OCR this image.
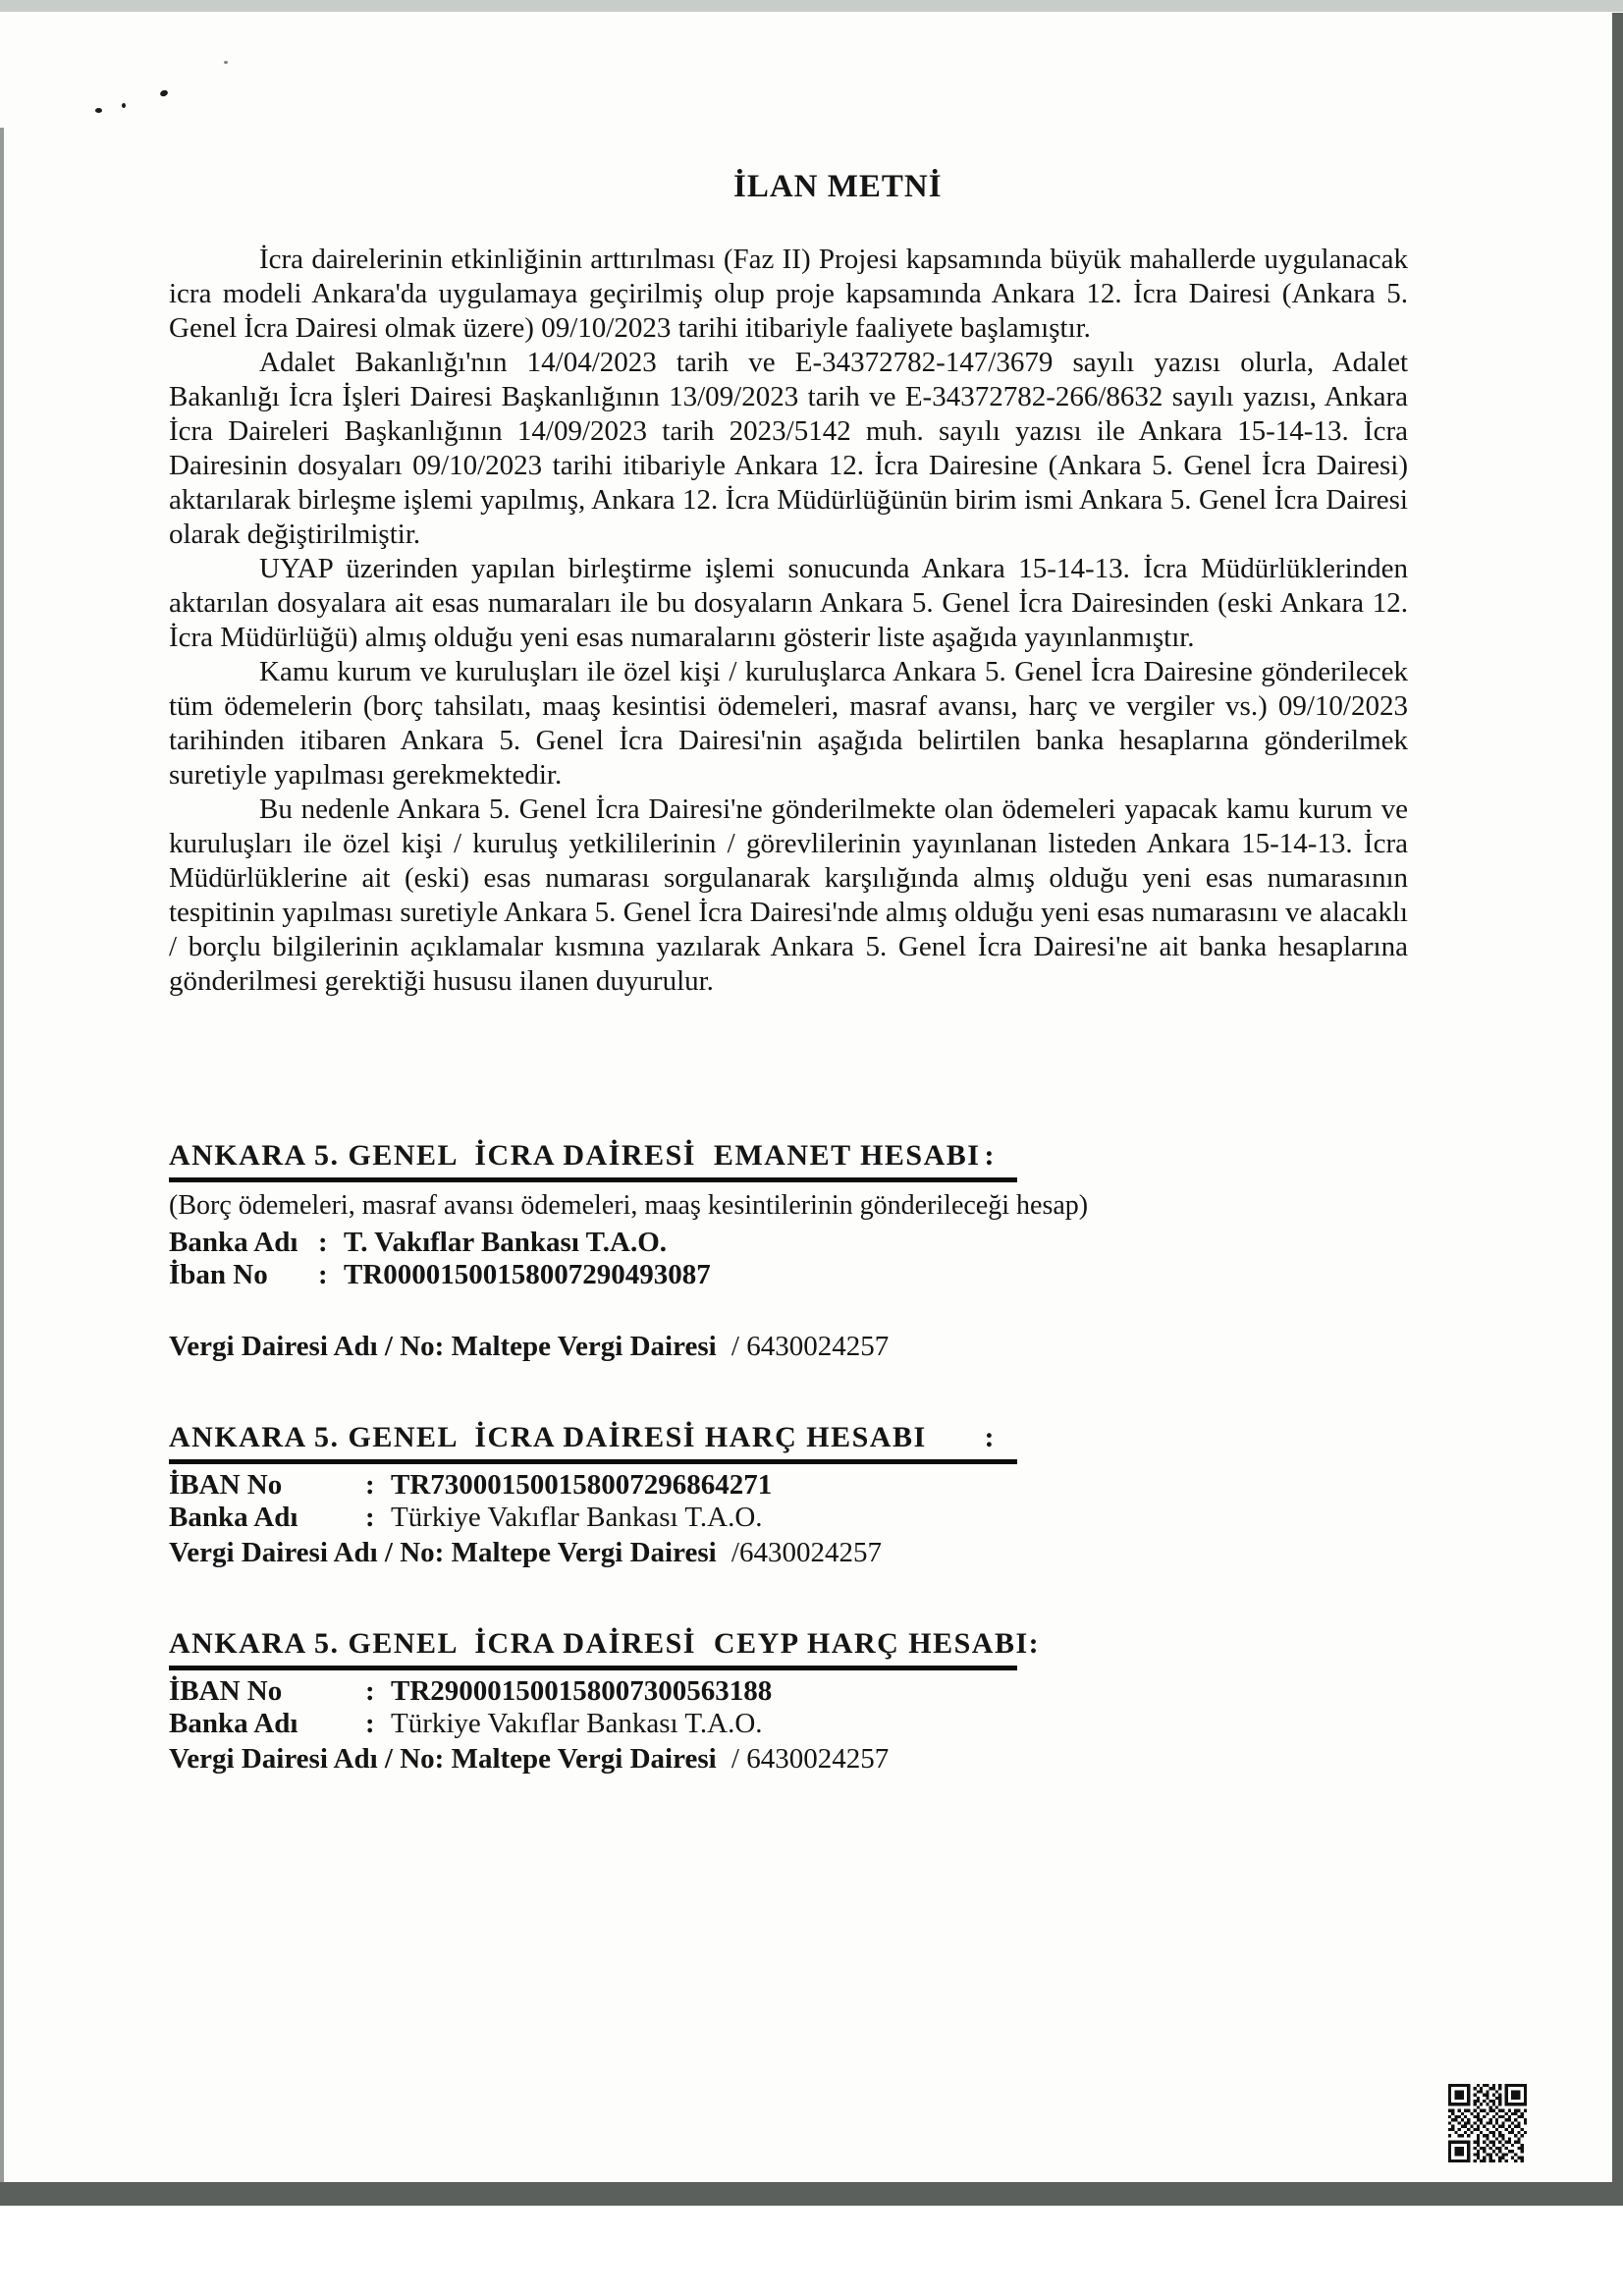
İLAN METNİ

İcra dairelerinin etkinliğinin arttırılması (Faz II) Projesi kapsamında büyük mahallerde uygulanacak icra modeli Ankara'da uygulamaya geçirilmiş olup proje kapsamında Ankara 12. İcra Dairesi (Ankara 5. Genel İcra Dairesi olmak üzere) 09/10/2023 tarihi itibariyle faaliyete başlamıştır.

Adalet Bakanlığı'nın 14/04/2023 tarih ve E-34372782-147/3679 sayılı yazısı olurla, Adalet Bakanlığı İcra İşleri Dairesi Başkanlığının 13/09/2023 tarih ve E-34372782-266/8632 sayılı yazısı, Ankara İcra Daireleri Başkanlığının 14/09/2023 tarih 2023/5142 muh. sayılı yazısı ile Ankara 15-14-13. İcra Dairesinin dosyaları 09/10/2023 tarihi itibariyle Ankara 12. İcra Dairesine (Ankara 5. Genel İcra Dairesi) aktarılarak birleşme işlemi yapılmış, Ankara 12. İcra Müdürlüğünün birim ismi Ankara 5. Genel İcra Dairesi olarak değiştirilmiştir.

UYAP üzerinden yapılan birleştirme işlemi sonucunda Ankara 15-14-13. İcra Müdürlüklerinden aktarılan dosyalara ait esas numaraları ile bu dosyaların Ankara 5. Genel İcra Dairesinden (eski Ankara 12. İcra Müdürlüğü) almış olduğu yeni esas numaralarını gösterir liste aşağıda yayınlanmıştır.

Kamu kurum ve kuruluşları ile özel kişi / kuruluşlarca Ankara 5. Genel İcra Dairesine gönderilecek tüm ödemelerin (borç tahsilatı, maaş kesintisi ödemeleri, masraf avansı, harç ve vergiler vs.) 09/10/2023 tarihinden itibaren Ankara 5. Genel İcra Dairesi'nin aşağıda belirtilen banka hesaplarına gönderilmek suretiyle yapılması gerekmektedir.

Bu nedenle Ankara 5. Genel İcra Dairesi'ne gönderilmekte olan ödemeleri yapacak kamu kurum ve kuruluşları ile özel kişi / kuruluş yetkililerinin / görevlilerinin yayınlanan listeden Ankara 15-14-13. İcra Müdürlüklerine ait (eski) esas numarası sorgulanarak karşılığında almış olduğu yeni esas numarasının tespitinin yapılması suretiyle Ankara 5. Genel İcra Dairesi'nde almış olduğu yeni esas numarasını ve alacaklı / borçlu bilgilerinin açıklamalar kısmına yazılarak Ankara 5. Genel İcra Dairesi'ne ait banka hesaplarına gönderilmesi gerektiği hususu ilanen duyurulur.

ANKARA 5. GENEL  İCRA DAİRESİ  EMANET HESABI :
(Borç ödemeleri, masraf avansı ödemeleri, maaş kesintilerinin gönderileceği hesap)
Banka Adı : T. Vakıflar Bankası T.A.O.
İban No	: TR00001500158007290493087
Vergi Dairesi Adı / No: Maltepe Vergi Dairesi / 6430024257
ANKARA 5. GENEL  İCRA DAİRESİ HARÇ HESABI :
İBAN No	: TR730001500158007296864271
Banka Adı	: Türkiye Vakıflar Bankası T.A.O.
Vergi Dairesi Adı / No: Maltepe Vergi Dairesi /6430024257
ANKARA 5. GENEL  İCRA DAİRESİ  CEYP HARÇ HESABI :
İBAN No	: TR290001500158007300563188
Banka Adı	: Türkiye Vakıflar Bankası T.A.O.
Vergi Dairesi Adı / No: Maltepe Vergi Dairesi / 6430024257
